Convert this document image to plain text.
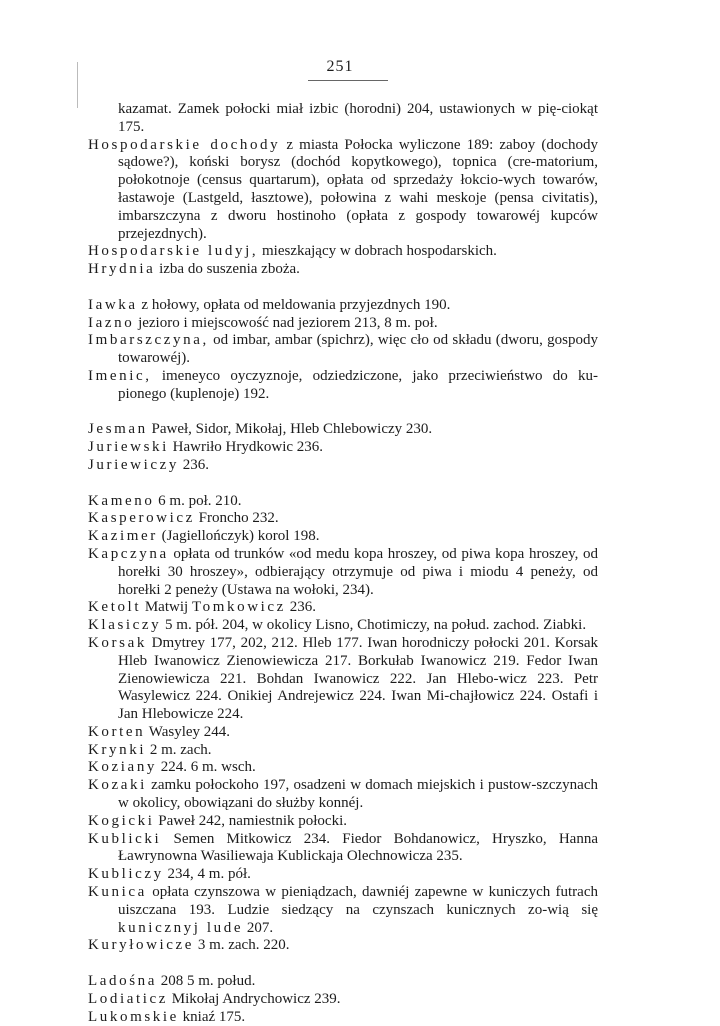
251

kazamat. Zamek połocki miał izbic (horodni) 204, ustawionych w pię-ciokąt 175.

Hospodarskie dochody z miasta Połocka wyliczone 189: zaboy (dochody sądowe?), koński borysz (dochód kopytkowego), topnica (cre-matorium, połokotnoje (census quartarum), opłata od sprzedaży łokcio-wych towarów, łastawoje (Lastgeld, łasztowe), połowina z wahi meskoje (pensa civitatis), imbarszczyna z dworu hostinoho (opłata z gospody towarowéj kupców przejezdnych).

Hospodarskie ludyj, mieszkający w dobrach hospodarskich.

Hrydnia izba do suszenia zboża.

Iawka z hołowy, opłata od meldowania przyjezdnych 190.

Iazno jezioro i miejscowość nad jeziorem 213, 8 m. poł.

Imbarszczyna, od imbar, ambar (spichrz), więc cło od składu (dworu, gospody towarowéj).

Imenic, imeneyco oyczyznoje, odziedziczone, jako przeciwieństwo do ku-pionego (kuplenoje) 192.

Jesman Paweł, Sidor, Mikołaj, Hleb Chlebowiczy 230.

Juriewski Hawriło Hrydkowic 236.

Juriewiczy 236.

Kameno 6 m. poł. 210.

Kasperowicz Froncho 232.

Kazimer (Jagiellończyk) korol 198.

Kapczyna opłata od trunków «od medu kopa hroszey, od piwa kopa hroszey, od horełki 30 hroszey», odbierający otrzymuje od piwa i miodu 4 peneży, od horełki 2 peneży (Ustawa na wołoki, 234).

Ketolt Matwij Tomkowicz 236.

Klasiczy 5 m. pół. 204, w okolicy Lisno, Chotimiczy, na połud. zachod. Ziabki.

Korsak Dmytrey 177, 202, 212. Hleb 177. Iwan horodniczy połocki 201. Korsak Hleb Iwanowicz Zienowiewicza 217. Borkułab Iwanowicz 219. Fedor Iwan Zienowiewicza 221. Bohdan Iwanowicz 222. Jan Hlebo-wicz 223. Petr Wasylewicz 224. Onikiej Andrejewicz 224. Iwan Mi-chajłowicz 224. Ostafi i Jan Hlebowicze 224.

Korten Wasyley 244.

Krynki 2 m. zach.

Koziany 224. 6 m. wsch.

Kozaki zamku połockoho 197, osadzeni w domach miejskich i pustow-szczynach w okolicy, obowiązani do służby konnéj.

Kogicki Paweł 242, namiestnik połocki.

Kublicki Semen Mitkowicz 234. Fiedor Bohdanowicz, Hryszko, Hanna Ławrynowna Wasiliewaja Kublickaja Olechnowicza 235.

Kubliczy 234, 4 m. pół.

Kunica opłata czynszowa w pieniądzach, dawniéj zapewne w kuniczych futrach uiszczana 193. Ludzie siedzący na czynszach kunicznych zo-wią się kunicznyj lude 207.

Kuryłowicze 3 m. zach. 220.

Ladośna 208 5 m. połud.

Lodiaticz Mikołaj Andrychowicz 239.

Lukomskie kniaź 175.
